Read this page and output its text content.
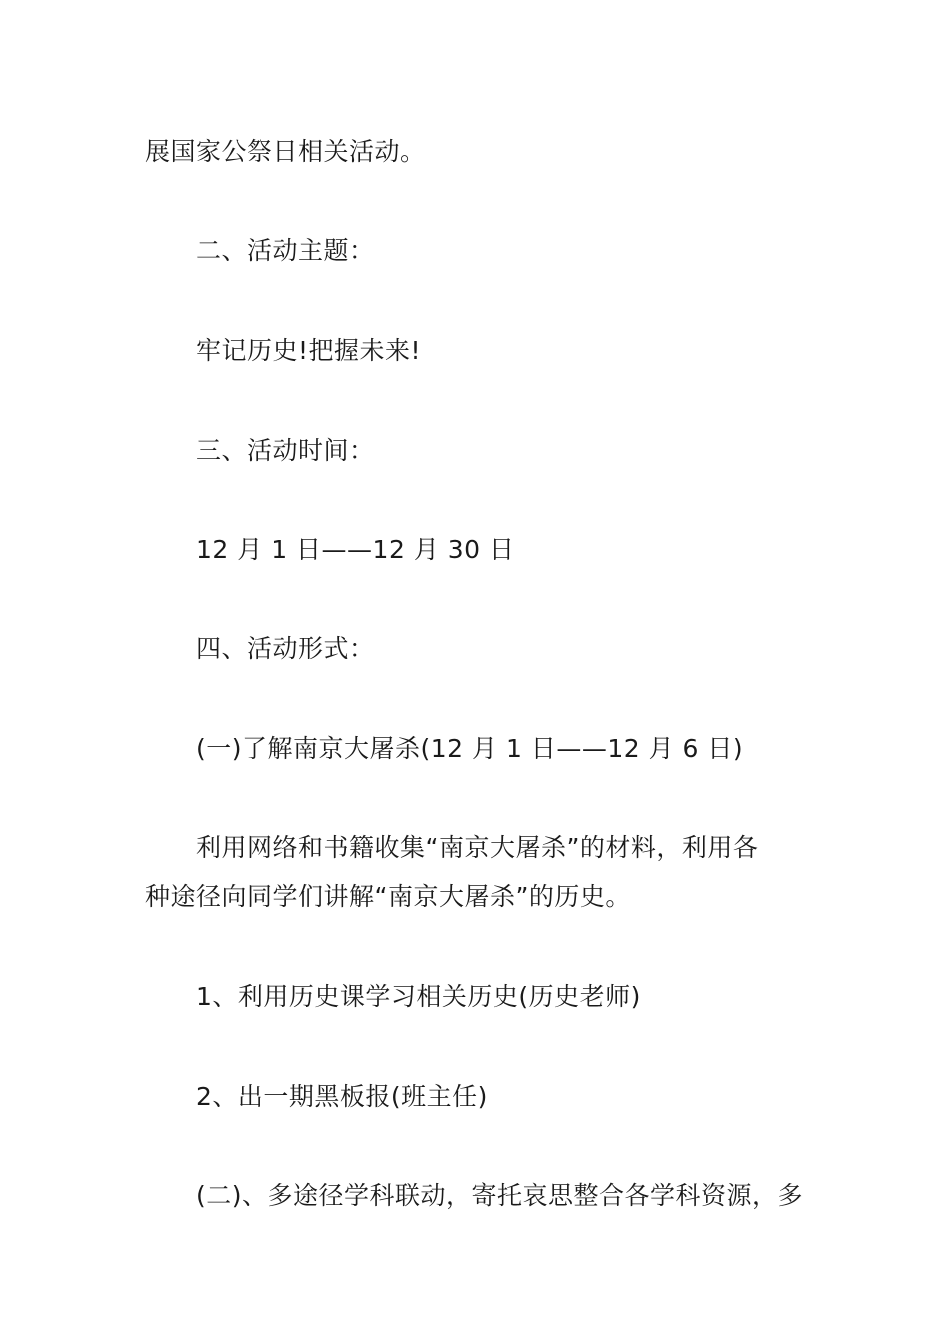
展国家公祭日相关活动。
二、活动主题：
牢记历史!把握未来!
三、活动时间：
12 月 1 日——12 月 30 日
四、活动形式：
(一)了解南京大屠杀(12 月 1 日——12 月 6 日)
利用网络和书籍收集“南京大屠杀”的材料，利用各
种途径向同学们讲解“南京大屠杀”的历史。
1、利用历史课学习相关历史(历史老师)
2、出一期黑板报(班主任)
(二)、多途径学科联动，寄托哀思整合各学科资源，多
